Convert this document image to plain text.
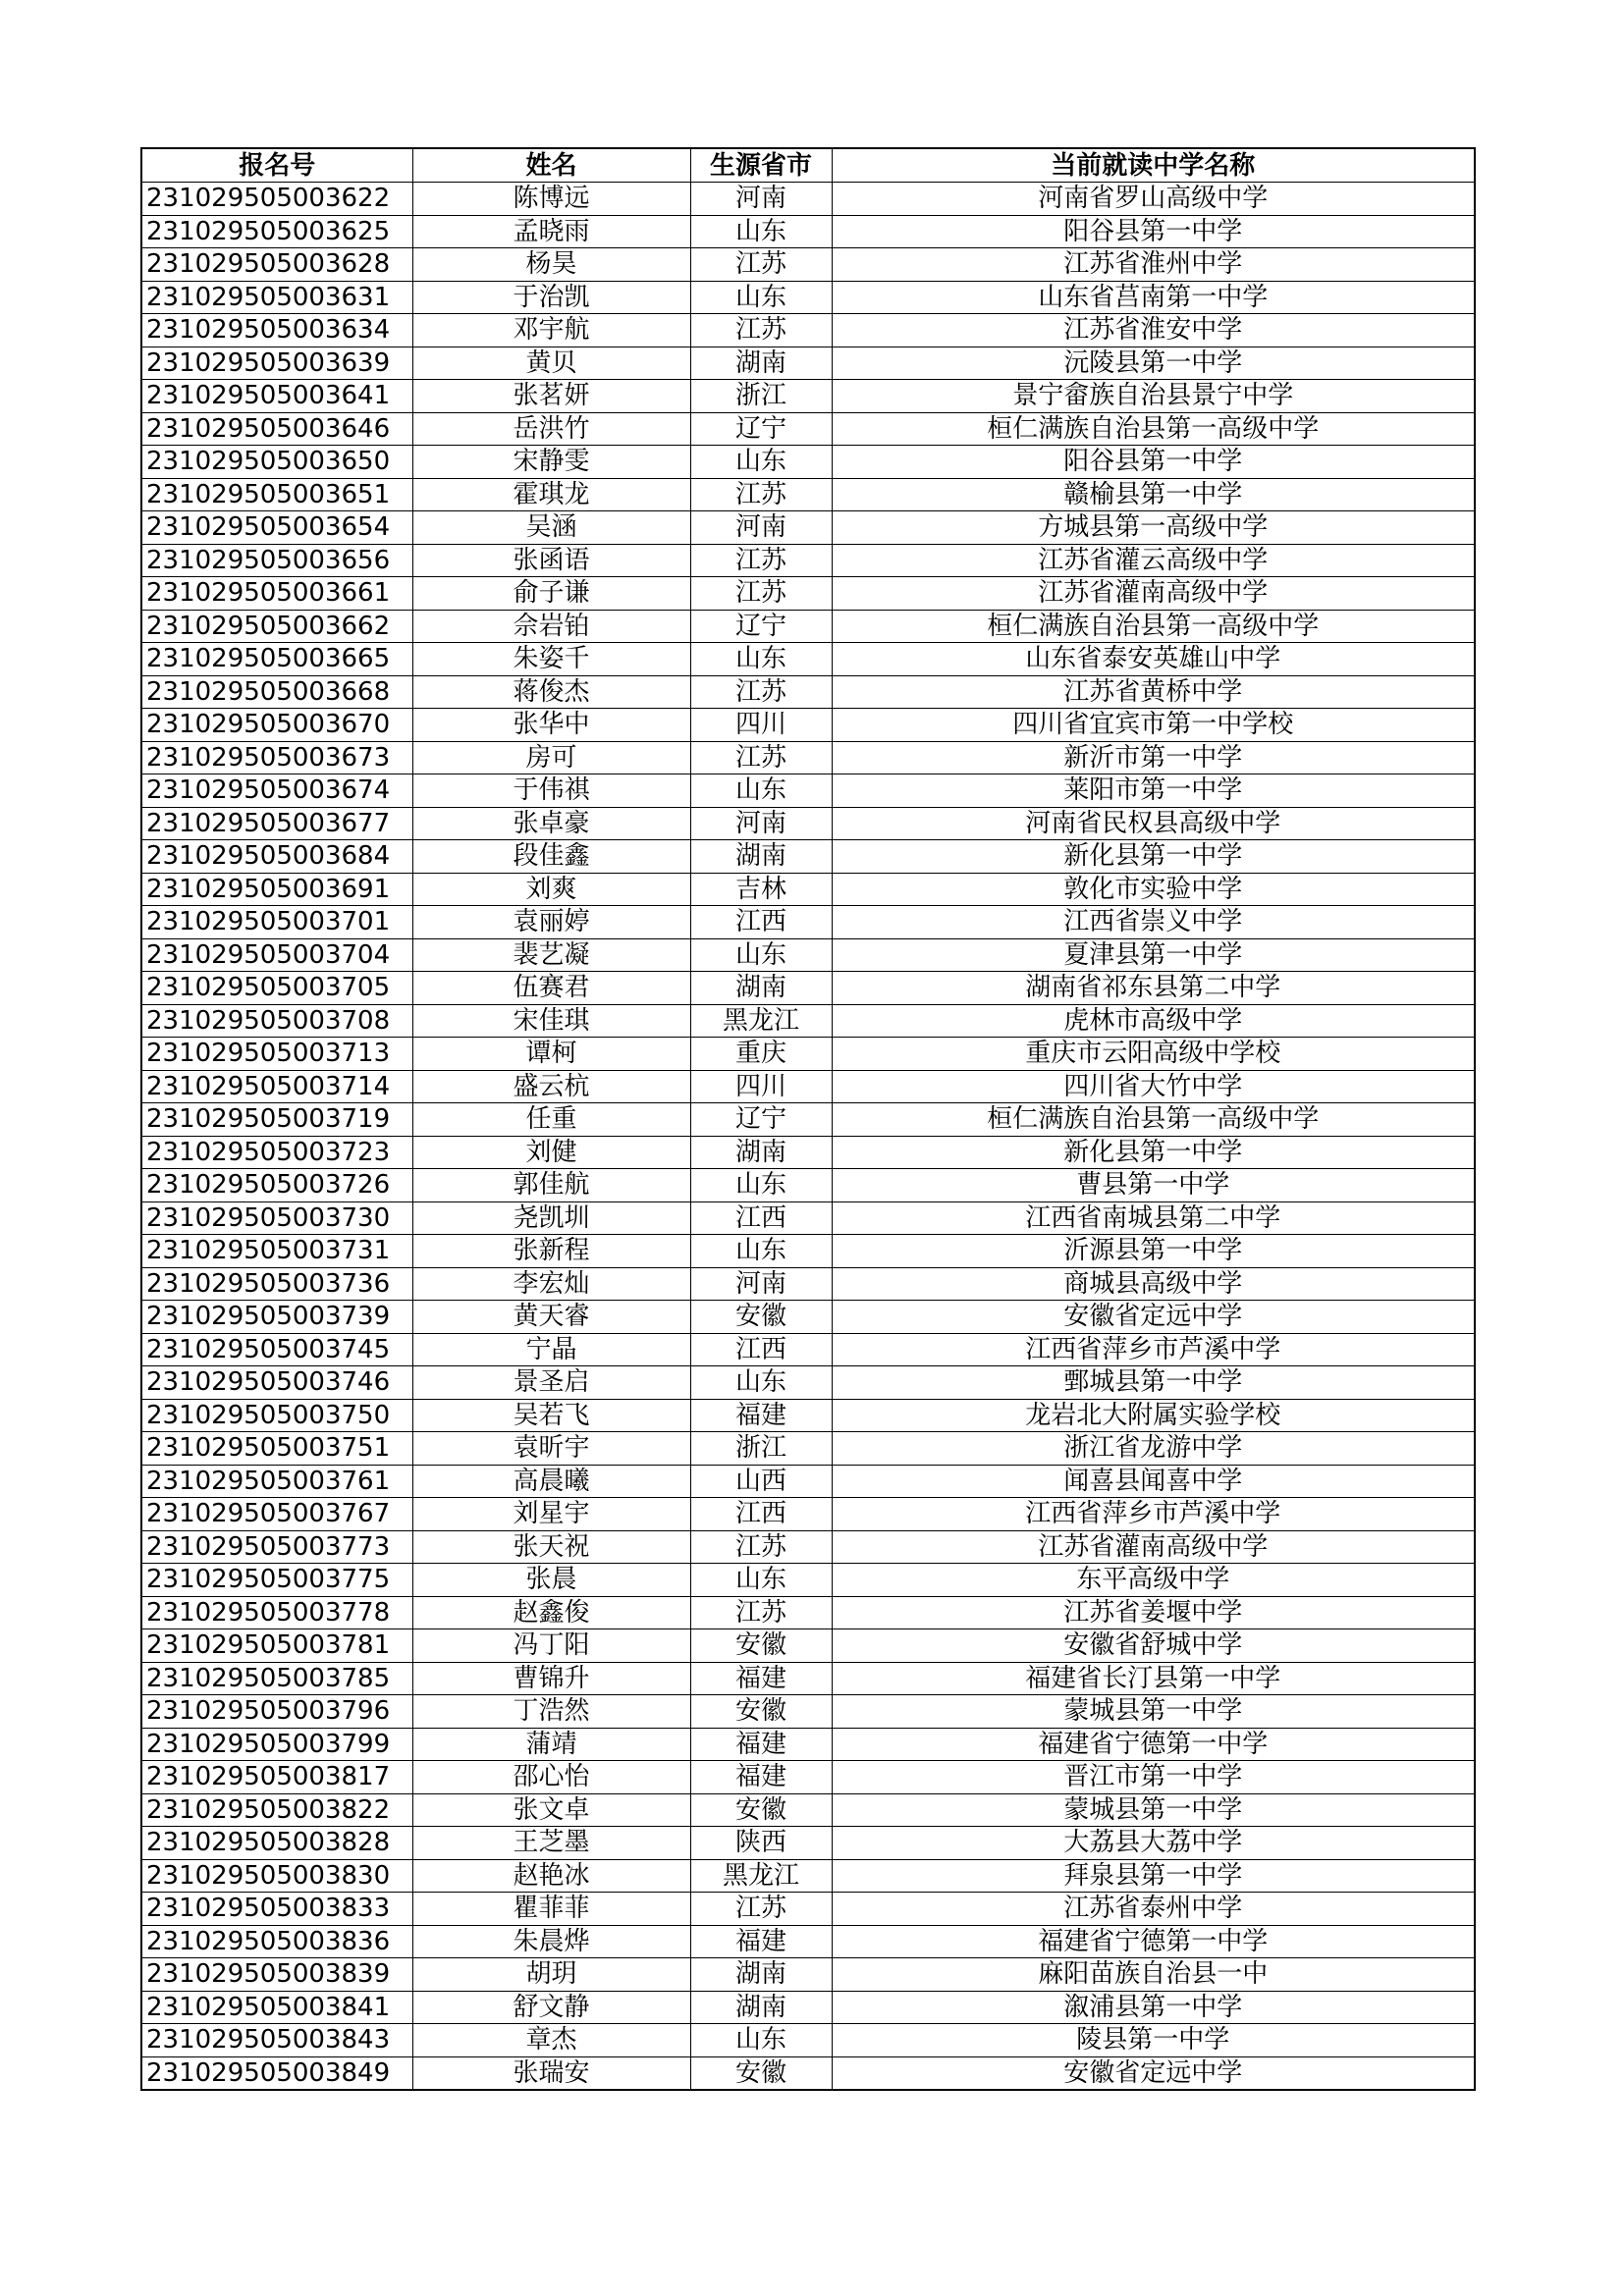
报名号	姓名	生源省市	当前就读中学名称
231029505003622	陈博远	河南	河南省罗山高级中学
231029505003625	孟晓雨	山东	阳谷县第一中学
231029505003628	杨昊	江苏	江苏省淮州中学
231029505003631	于治凯	山东	山东省莒南第一中学
231029505003634	邓宇航	江苏	江苏省淮安中学
231029505003639	黄贝	湖南	沅陵县第一中学
231029505003641	张茗妍	浙江	景宁畲族自治县景宁中学
231029505003646	岳洪竹	辽宁	桓仁满族自治县第一高级中学
231029505003650	宋静雯	山东	阳谷县第一中学
231029505003651	霍琪龙	江苏	赣榆县第一中学
231029505003654	吴涵	河南	方城县第一高级中学
231029505003656	张函语	江苏	江苏省灌云高级中学
231029505003661	俞子谦	江苏	江苏省灌南高级中学
231029505003662	佘岩铂	辽宁	桓仁满族自治县第一高级中学
231029505003665	朱姿千	山东	山东省泰安英雄山中学
231029505003668	蒋俊杰	江苏	江苏省黄桥中学
231029505003670	张华中	四川	四川省宜宾市第一中学校
231029505003673	房可	江苏	新沂市第一中学
231029505003674	于伟祺	山东	莱阳市第一中学
231029505003677	张卓豪	河南	河南省民权县高级中学
231029505003684	段佳鑫	湖南	新化县第一中学
231029505003691	刘爽	吉林	敦化市实验中学
231029505003701	袁丽婷	江西	江西省崇义中学
231029505003704	裴艺凝	山东	夏津县第一中学
231029505003705	伍赛君	湖南	湖南省祁东县第二中学
231029505003708	宋佳琪	黑龙江	虎林市高级中学
231029505003713	谭柯	重庆	重庆市云阳高级中学校
231029505003714	盛云杭	四川	四川省大竹中学
231029505003719	任重	辽宁	桓仁满族自治县第一高级中学
231029505003723	刘健	湖南	新化县第一中学
231029505003726	郭佳航	山东	曹县第一中学
231029505003730	尧凯圳	江西	江西省南城县第二中学
231029505003731	张新程	山东	沂源县第一中学
231029505003736	李宏灿	河南	商城县高级中学
231029505003739	黄天睿	安徽	安徽省定远中学
231029505003745	宁晶	江西	江西省萍乡市芦溪中学
231029505003746	景圣启	山东	鄄城县第一中学
231029505003750	吴若飞	福建	龙岩北大附属实验学校
231029505003751	袁昕宇	浙江	浙江省龙游中学
231029505003761	高晨曦	山西	闻喜县闻喜中学
231029505003767	刘星宇	江西	江西省萍乡市芦溪中学
231029505003773	张天祝	江苏	江苏省灌南高级中学
231029505003775	张晨	山东	东平高级中学
231029505003778	赵鑫俊	江苏	江苏省姜堰中学
231029505003781	冯丁阳	安徽	安徽省舒城中学
231029505003785	曹锦升	福建	福建省长汀县第一中学
231029505003796	丁浩然	安徽	蒙城县第一中学
231029505003799	蒲靖	福建	福建省宁德第一中学
231029505003817	邵心怡	福建	晋江市第一中学
231029505003822	张文卓	安徽	蒙城县第一中学
231029505003828	王芝墨	陕西	大荔县大荔中学
231029505003830	赵艳冰	黑龙江	拜泉县第一中学
231029505003833	瞿菲菲	江苏	江苏省泰州中学
231029505003836	朱晨烨	福建	福建省宁德第一中学
231029505003839	胡玥	湖南	麻阳苗族自治县一中
231029505003841	舒文静	湖南	溆浦县第一中学
231029505003843	章杰	山东	陵县第一中学
231029505003849	张瑞安	安徽	安徽省定远中学
